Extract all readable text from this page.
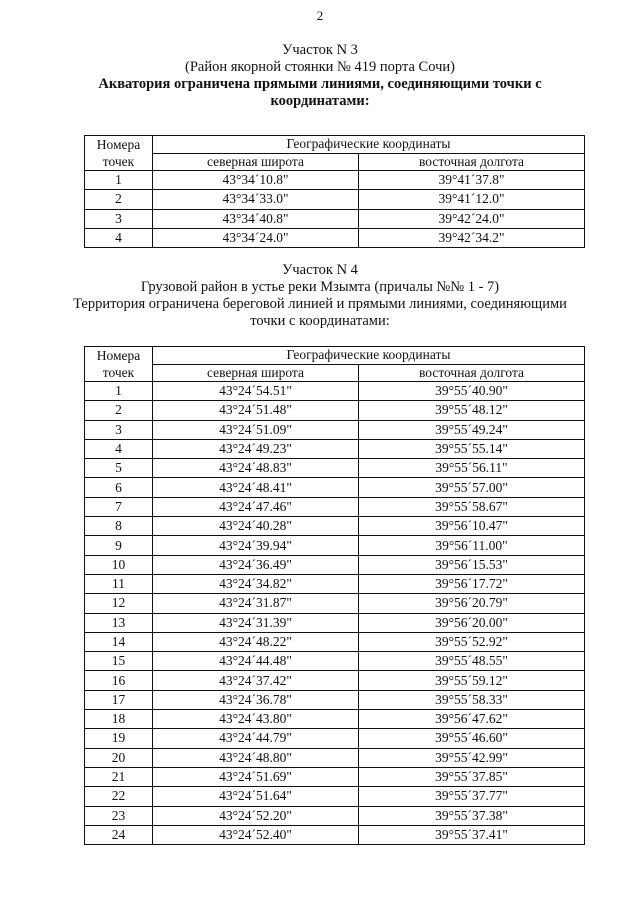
2
Участок N 3
(Район якорной стоянки № 419 порта Сочи)
Акватория ограничена прямыми линиями, соединяющими точки с
координатами:
Номера
точек	Географические координаты	
	северная широта	восточная долгота
1	43°34´10.8"	39°41´37.8"
2	43°34´33.0"	39°41´12.0"
3	43°34´40.8"	39°42´24.0"
4	43°34´24.0"	39°42´34.2"
Участок N 4
Грузовой район в устье реки Мзымта (причалы №№ 1 - 7)
Территория ограничена береговой линией и прямыми линиями, соединяющими
точки с координатами:
Номера
точек	Географические координаты	
	северная широта	восточная долгота
1	43°24´54.51"	39°55´40.90"
2	43°24´51.48"	39°55´48.12"
3	43°24´51.09"	39°55´49.24"
4	43°24´49.23"	39°55´55.14"
5	43°24´48.83"	39°55´56.11"
6	43°24´48.41"	39°55´57.00"
7	43°24´47.46"	39°55´58.67"
8	43°24´40.28"	39°56´10.47"
9	43°24´39.94"	39°56´11.00"
10	43°24´36.49"	39°56´15.53"
11	43°24´34.82"	39°56´17.72"
12	43°24´31.87"	39°56´20.79"
13	43°24´31.39"	39°56´20.00"
14	43°24´48.22"	39°55´52.92"
15	43°24´44.48"	39°55´48.55"
16	43°24´37.42"	39°55´59.12"
17	43°24´36.78"	39°55´58.33"
18	43°24´43.80"	39°56´47.62"
19	43°24´44.79"	39°55´46.60"
20	43°24´48.80"	39°55´42.99"
21	43°24´51.69"	39°55´37.85"
22	43°24´51.64"	39°55´37.77"
23	43°24´52.20"	39°55´37.38"
24	43°24´52.40"	39°55´37.41"
